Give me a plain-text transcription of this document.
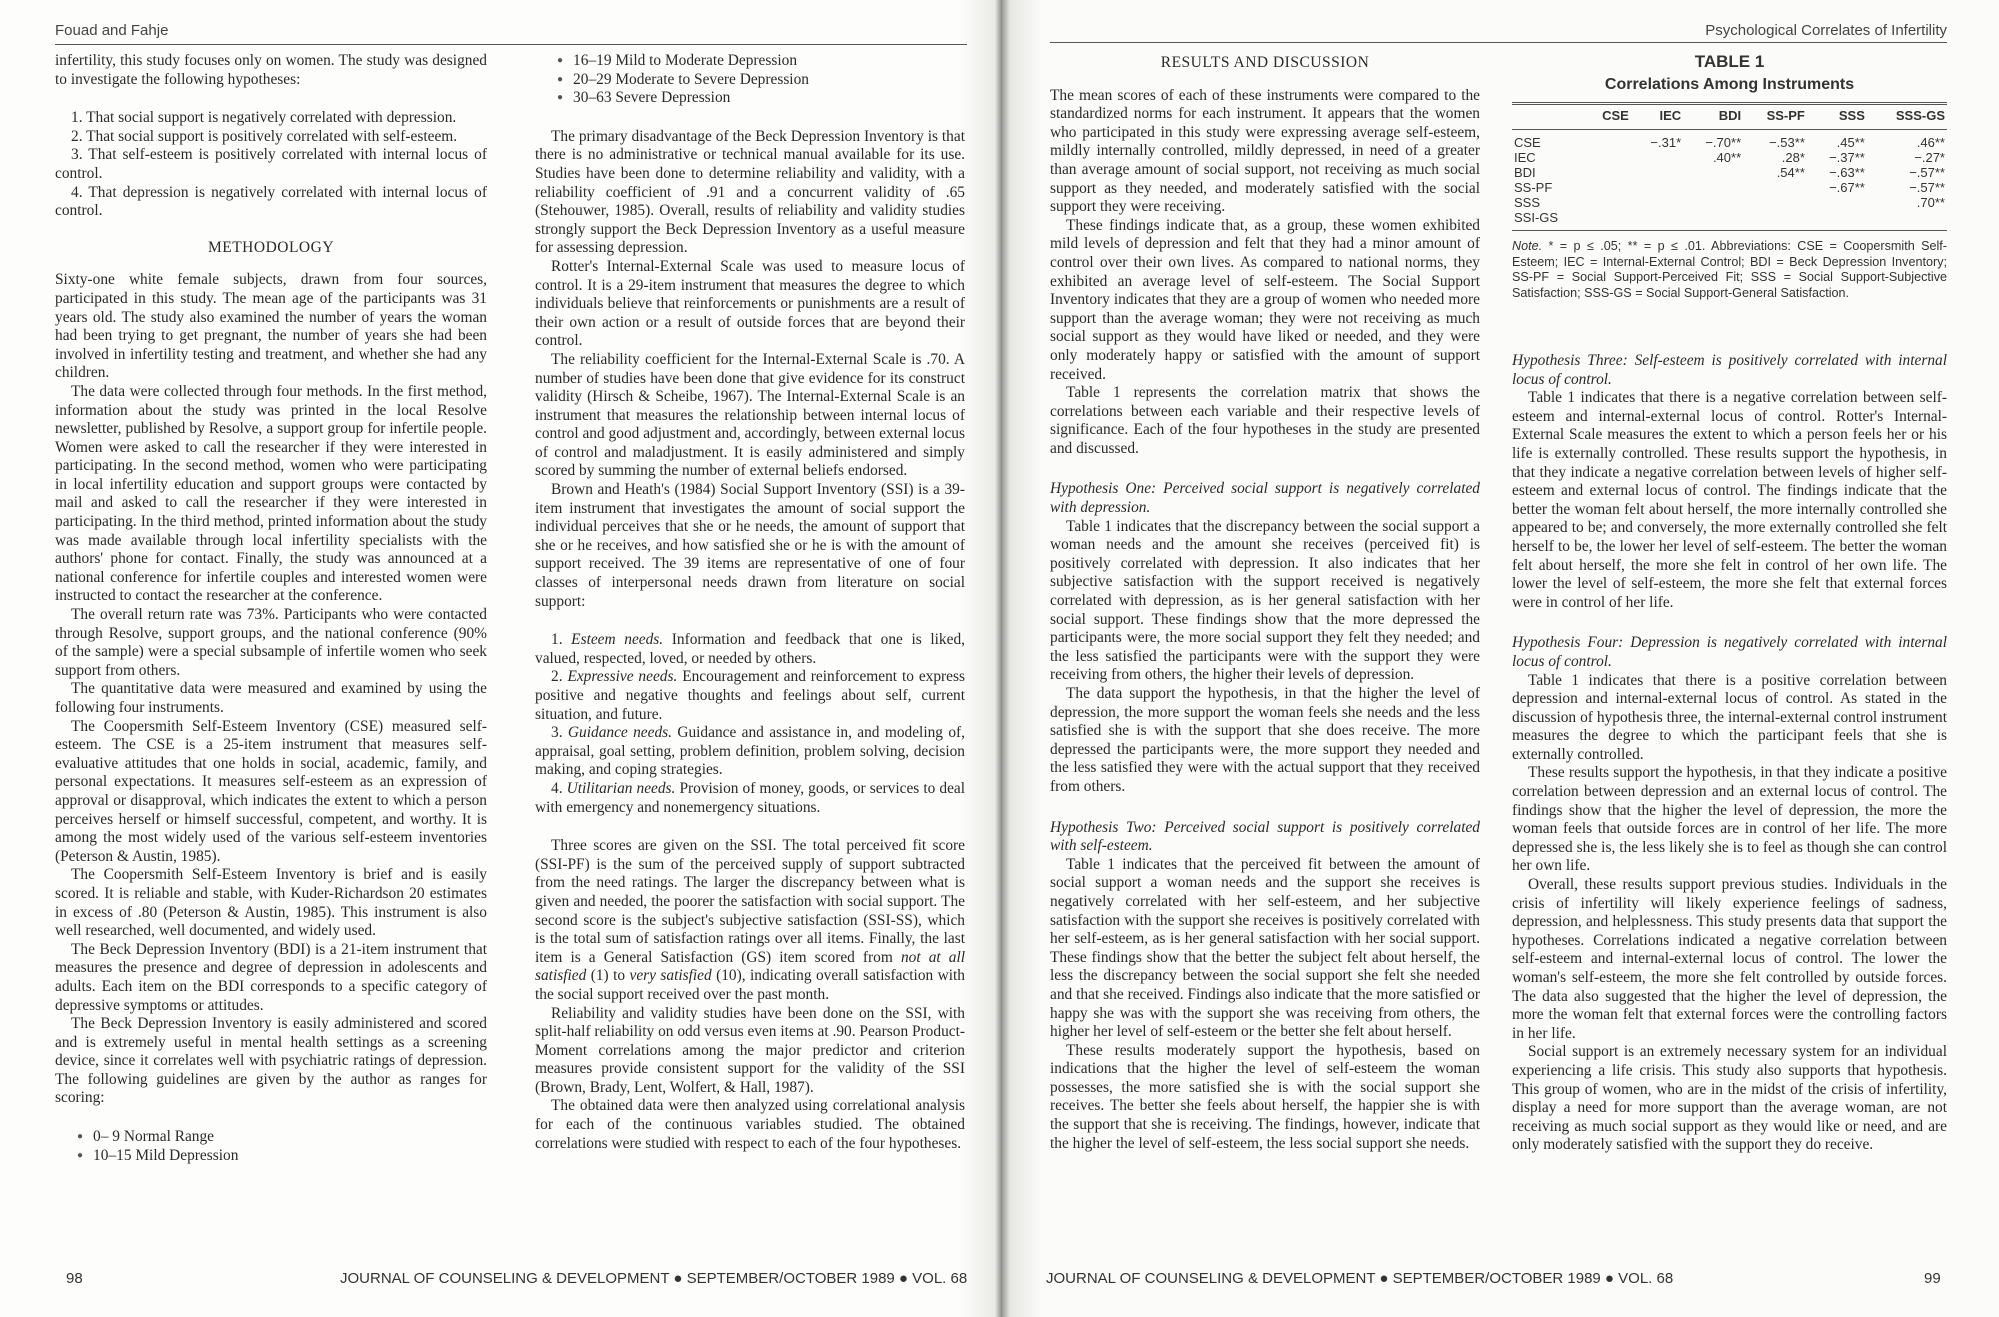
Fouad and Fahje	Psychological Correlates of Infertility

infertility, this study focuses only on women. The study was designed to investigate the following hypotheses:

1. That social support is negatively correlated with depression.

2. That social support is positively correlated with self-esteem.

3. That self-esteem is positively correlated with internal locus of control.

4. That depression is negatively correlated with internal locus of control.

METHODOLOGY

Sixty-one white female subjects, drawn from four sources, participated in this study. The mean age of the participants was 31 years old. The study also examined the number of years the woman had been trying to get pregnant, the number of years she had been involved in infertility testing and treatment, and whether she had any children.

The data were collected through four methods. In the first method, information about the study was printed in the local Resolve newsletter, published by Resolve, a support group for infertile people. Women were asked to call the researcher if they were interested in participating. In the second method, women who were participating in local infertility education and support groups were contacted by mail and asked to call the researcher if they were interested in participating. In the third method, printed information about the study was made available through local infertility specialists with the authors' phone for contact. Finally, the study was announced at a national conference for infertile couples and interested women were instructed to contact the researcher at the conference.

The overall return rate was 73%. Participants who were contacted through Resolve, support groups, and the national conference (90% of the sample) were a special subsample of infertile women who seek support from others.

The quantitative data were measured and examined by using the following four instruments.

The Coopersmith Self-Esteem Inventory (CSE) measured self-esteem. The CSE is a 25-item instrument that measures self-evaluative attitudes that one holds in social, academic, family, and personal expectations. It measures self-esteem as an expression of approval or disapproval, which indicates the extent to which a person perceives herself or himself successful, competent, and worthy. It is among the most widely used of the various self-esteem inventories (Peterson & Austin, 1985).

The Coopersmith Self-Esteem Inventory is brief and is easily scored. It is reliable and stable, with Kuder-Richardson 20 estimates in excess of .80 (Peterson & Austin, 1985). This instrument is also well researched, well documented, and widely used.

The Beck Depression Inventory (BDI) is a 21-item instrument that measures the presence and degree of depression in adolescents and adults. Each item on the BDI corresponds to a specific category of depressive symptoms or attitudes.

The Beck Depression Inventory is easily administered and scored and is extremely useful in mental health settings as a screening device, since it correlates well with psychiatric ratings of depression. The following guidelines are given by the author as ranges for scoring:

● 0– 9 Normal Range

● 10–15 Mild Depression

● 16–19 Mild to Moderate Depression

● 20–29 Moderate to Severe Depression

● 30–63 Severe Depression

The primary disadvantage of the Beck Depression Inventory is that there is no administrative or technical manual available for its use. Studies have been done to determine reliability and validity, with a reliability coefficient of .91 and a concurrent validity of .65 (Stehouwer, 1985). Overall, results of reliability and validity studies strongly support the Beck Depression Inventory as a useful measure for assessing depression.

Rotter's Internal-External Scale was used to measure locus of control. It is a 29-item instrument that measures the degree to which individuals believe that reinforcements or punishments are a result of their own action or a result of outside forces that are beyond their control.

The reliability coefficient for the Internal-External Scale is .70. A number of studies have been done that give evidence for its construct validity (Hirsch & Scheibe, 1967). The Internal-External Scale is an instrument that measures the relationship between internal locus of control and good adjustment and, accordingly, between external locus of control and maladjustment. It is easily administered and simply scored by summing the number of external beliefs endorsed.

Brown and Heath's (1984) Social Support Inventory (SSI) is a 39-item instrument that investigates the amount of social support the individual perceives that she or he needs, the amount of support that she or he receives, and how satisfied she or he is with the amount of support received. The 39 items are representative of one of four classes of interpersonal needs drawn from literature on social support:

1. Esteem needs. Information and feedback that one is liked, valued, respected, loved, or needed by others.

2. Expressive needs. Encouragement and reinforcement to express positive and negative thoughts and feelings about self, current situation, and future.

3. Guidance needs. Guidance and assistance in, and modeling of, appraisal, goal setting, problem definition, problem solving, decision making, and coping strategies.

4. Utilitarian needs. Provision of money, goods, or services to deal with emergency and nonemergency situations.

Three scores are given on the SSI. The total perceived fit score (SSI-PF) is the sum of the perceived supply of support subtracted from the need ratings. The larger the discrepancy between what is given and needed, the poorer the satisfaction with social support. The second score is the subject's subjective satisfaction (SSI-SS), which is the total sum of satisfaction ratings over all items. Finally, the last item is a General Satisfaction (GS) item scored from not at all satisfied (1) to very satisfied (10), indicating overall satisfaction with the social support received over the past month.

Reliability and validity studies have been done on the SSI, with split-half reliability on odd versus even items at .90. Pearson Product-Moment correlations among the major predictor and criterion measures provide consistent support for the validity of the SSI (Brown, Brady, Lent, Wolfert, & Hall, 1987).

The obtained data were then analyzed using correlational analysis for each of the continuous variables studied. The obtained correlations were studied with respect to each of the four hypotheses.

RESULTS AND DISCUSSION

The mean scores of each of these instruments were compared to the standardized norms for each instrument. It appears that the women who participated in this study were expressing average self-esteem, mildly internally controlled, mildly depressed, in need of a greater than average amount of social support, not receiving as much social support as they needed, and moderately satisfied with the social support they were receiving.

These findings indicate that, as a group, these women exhibited mild levels of depression and felt that they had a minor amount of control over their own lives. As compared to national norms, they exhibited an average level of self-esteem. The Social Support Inventory indicates that they are a group of women who needed more support than the average woman; they were not receiving as much social support as they would have liked or needed, and they were only moderately happy or satisfied with the amount of support received.

Table 1 represents the correlation matrix that shows the correlations between each variable and their respective levels of significance. Each of the four hypotheses in the study are presented and discussed.

Hypothesis One: Perceived social support is negatively correlated with depression.

Table 1 indicates that the discrepancy between the social support a woman needs and the amount she receives (perceived fit) is positively correlated with depression. It also indicates that her subjective satisfaction with the support received is negatively correlated with depression, as is her general satisfaction with her social support. These findings show that the more depressed the participants were, the more social support they felt they needed; and the less satisfied the participants were with the support they were receiving from others, the higher their levels of depression.

The data support the hypothesis, in that the higher the level of depression, the more support the woman feels she needs and the less satisfied she is with the support that she does receive. The more depressed the participants were, the more support they needed and the less satisfied they were with the actual support that they received from others.

Hypothesis Two: Perceived social support is positively correlated with self-esteem.

Table 1 indicates that the perceived fit between the amount of social support a woman needs and the support she receives is negatively correlated with her self-esteem, and her subjective satisfaction with the support she receives is positively correlated with her self-esteem, as is her general satisfaction with her social support. These findings show that the better the subject felt about herself, the less the discrepancy between the social support she felt she needed and that she received. Findings also indicate that the more satisfied or happy she was with the support she was receiving from others, the higher her level of self-esteem or the better she felt about herself.

These results moderately support the hypothesis, based on indications that the higher the level of self-esteem the woman possesses, the more satisfied she is with the social support she receives. The better she feels about herself, the happier she is with the support that she is receiving. The findings, however, indicate that the higher the level of self-esteem, the less social support she needs.

Hypothesis Three: Self-esteem is positively correlated with internal locus of control.

Table 1 indicates that there is a negative correlation between self-esteem and internal-external locus of control. Rotter's Internal-External Scale measures the extent to which a person feels her or his life is externally controlled. These results support the hypothesis, in that they indicate a negative correlation between levels of higher self-esteem and external locus of control. The findings indicate that the better the woman felt about herself, the more internally controlled she appeared to be; and conversely, the more externally controlled she felt herself to be, the lower her level of self-esteem. The better the woman felt about herself, the more she felt in control of her own life. The lower the level of self-esteem, the more she felt that external forces were in control of her life.

Hypothesis Four: Depression is negatively correlated with internal locus of control.

Table 1 indicates that there is a positive correlation between depression and internal-external locus of control. As stated in the discussion of hypothesis three, the internal-external control instrument measures the degree to which the participant feels that she is externally controlled.

These results support the hypothesis, in that they indicate a positive correlation between depression and an external locus of control. The findings show that the higher the level of depression, the more the woman feels that outside forces are in control of her life. The more depressed she is, the less likely she is to feel as though she can control her own life.

Overall, these results support previous studies. Individuals in the crisis of infertility will likely experience feelings of sadness, depression, and helplessness. This study presents data that support the hypotheses. Correlations indicated a negative correlation between self-esteem and internal-external locus of control. The lower the woman's self-esteem, the more she felt controlled by outside forces. The data also suggested that the higher the level of depression, the more the woman felt that external forces were the controlling factors in her life.

Social support is an extremely necessary system for an individual experiencing a life crisis. This study also supports that hypothesis. This group of women, who are in the midst of the crisis of infertility, display a need for more support than the average woman, are not receiving as much social support as they would like or need, and are only moderately satisfied with the support they do receive.

TABLE 1
Correlations Among Instruments
	CSE	IEC	BDI	SS-PF	SSS	SSS-GS
CSE		−.31*	−.70**	−.53**	.45**	.46**
IEC			.40**	.28*	−.37**	−.27*
BDI				.54**	−.63**	−.57**
SS-PF					−.67**	−.57**
SSS						.70**
SSI-GS						
Note. * = p ≤ .05; ** = p ≤ .01. Abbreviations: CSE = Coopersmith Self-Esteem; IEC = Internal-External Control; BDI = Beck Depression Inventory; SS-PF = Social Support-Perceived Fit; SSS = Social Support-Subjective Satisfaction; SSS-GS = Social Support-General Satisfaction.
98	JOURNAL OF COUNSELING & DEVELOPMENT ● SEPTEMBER/OCTOBER 1989 ● VOL. 68	JOURNAL OF COUNSELING & DEVELOPMENT ● SEPTEMBER/OCTOBER 1989 ● VOL. 68	99
